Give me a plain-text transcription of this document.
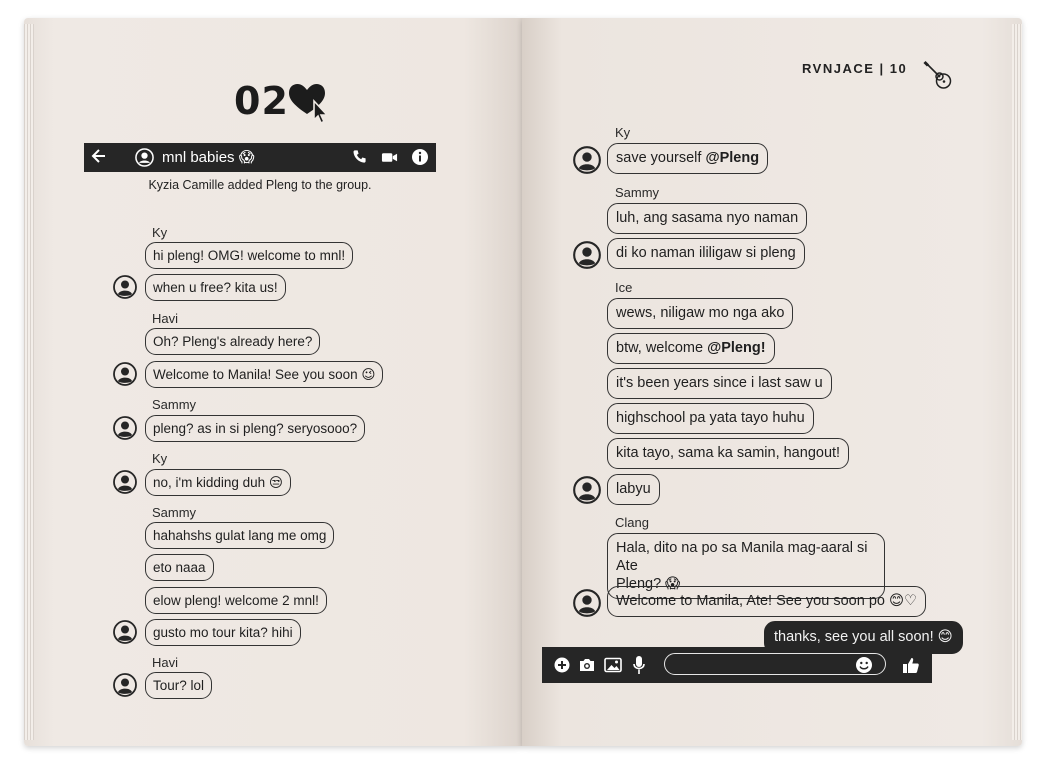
02
mnl babies 😱
Kyzia Camille added Pleng to the group.
Ky
hi pleng! OMG! welcome to mnl!
when u free? kita us!
Havi
Oh? Pleng's already here?
Welcome to Manila! See you soon 😉
Sammy
pleng? as in si pleng? seryosooo?
Ky
no, i'm kidding duh 😒
Sammy
hahahshs gulat lang me omg
eto naaa
elow pleng! welcome 2 mnl!
gusto mo tour kita? hihi
Havi
Tour? lol
RVNJACE | 10
Ky
save yourself @Pleng
Sammy
luh, ang sasama nyo naman
di ko naman ililigaw si pleng
Ice
wews, niligaw mo nga ako
btw, welcome @Pleng!
it's been years since i last saw u
highschool pa yata tayo huhu
kita tayo, sama ka samin, hangout!
labyu
Clang
Hala, dito na po sa Manila mag-aaral si Ate
Pleng? 😱
Welcome to Manila, Ate! See you soon po 😊♡
thanks, see you all soon! 😊
